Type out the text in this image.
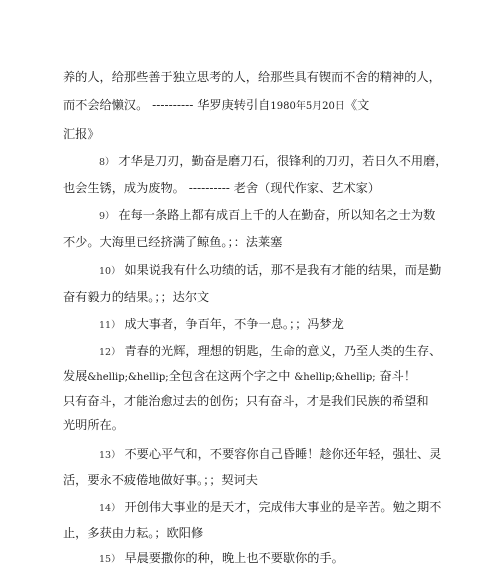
养的人，给那些善于独立思考的人，给那些具有锲而不舍的精神的人，
而不会给懒汉。 ---------- 华罗庚转引自1980年5月20日《文
汇报》
8） 才华是刀刃，勤奋是磨刀石，很锋利的刀刃，若日久不用磨，
也会生锈，成为废物。 ---------- 老舍（现代作家、艺术家）
9） 在每一条路上都有成百上千的人在勤奋，所以知名之士为数
不少。大海里已经挤满了鲸鱼。；：法莱塞
10） 如果说我有什么功绩的话，那不是我有才能的结果，而是勤
奋有毅力的结果。；；达尔文
11） 成大事者，争百年，不争一息。；；冯梦龙
12） 青春的光辉，理想的钥匙，生命的意义，乃至人类的生存、
发展&hellip;&hellip;全包含在这两个字之中 &hellip;&hellip; 奋斗！
只有奋斗，才能治愈过去的创伤；只有奋斗，才是我们民族的希望和
光明所在。
13） 不要心平气和，不要容你自己昏睡！趁你还年轻，强壮、灵
活，要永不疲倦地做好事。；；契诃夫
14） 开创伟大事业的是天才，完成伟大事业的是辛苦。勉之期不
止，多获由力耘。；欧阳修
15） 早晨要撒你的种，晚上也不要歇你的手。
